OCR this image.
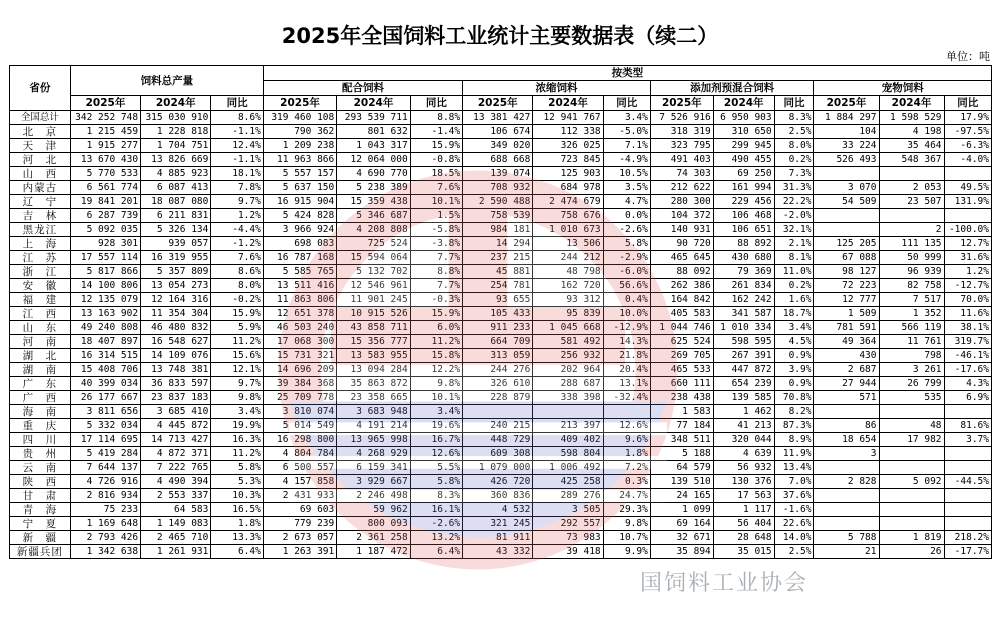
2025年全国饲料工业统计主要数据表（续二）
单位：吨
省份	饲料总产量			按类型											
				配合饲料			浓缩饲料			添加剂预混合饲料			宠物饲料		
	2025年	2024年	同比	2025年	2024年	同比	2025年	2024年	同比	2025年	2024年	同比	2025年	2024年	同比
全国总计	342 252 748	315 030 910	8.6%	319 460 108	293 539 711	8.8%	13 381 427	12 941 767	3.4%	7 526 916	6 950 903	8.3%	1 884 297	1 598 529	17.9%
北　京	1 215 459	1 228 818	-1.1%	790 362	801 632	-1.4%	106 674	112 338	-5.0%	318 319	310 650	2.5%	104	4 198	-97.5%
天　津	1 915 277	1 704 751	12.4%	1 209 238	1 043 317	15.9%	349 020	326 025	7.1%	323 795	299 945	8.0%	33 224	35 464	-6.3%
河　北	13 670 430	13 826 669	-1.1%	11 963 866	12 064 000	-0.8%	688 668	723 845	-4.9%	491 403	490 455	0.2%	526 493	548 367	-4.0%
山　西	5 770 533	4 885 923	18.1%	5 557 157	4 690 770	18.5%	139 074	125 903	10.5%	74 303	69 250	7.3%			
内蒙古	6 561 774	6 087 413	7.8%	5 637 150	5 238 389	7.6%	708 932	684 978	3.5%	212 622	161 994	31.3%	3 070	2 053	49.5%
辽　宁	19 841 201	18 087 080	9.7%	16 915 904	15 359 438	10.1%	2 590 488	2 474 679	4.7%	280 300	229 456	22.2%	54 509	23 507	131.9%
吉　林	6 287 739	6 211 831	1.2%	5 424 828	5 346 687	1.5%	758 539	758 676	0.0%	104 372	106 468	-2.0%			
黑龙江	5 092 035	5 326 134	-4.4%	3 966 924	4 208 808	-5.8%	984 181	1 010 673	-2.6%	140 931	106 651	32.1%		2	-100.0%
上　海	928 301	939 057	-1.2%	698 083	725 524	-3.8%	14 294	13 506	5.8%	90 720	88 892	2.1%	125 205	111 135	12.7%
江　苏	17 557 114	16 319 955	7.6%	16 787 168	15 594 064	7.7%	237 215	244 212	-2.9%	465 645	430 680	8.1%	67 088	50 999	31.6%
浙　江	5 817 866	5 357 809	8.6%	5 585 765	5 132 702	8.8%	45 881	48 798	-6.0%	88 092	79 369	11.0%	98 127	96 939	1.2%
安　徽	14 100 806	13 054 273	8.0%	13 511 416	12 546 961	7.7%	254 781	162 720	56.6%	262 386	261 834	0.2%	72 223	82 758	-12.7%
福　建	12 135 079	12 164 316	-0.2%	11 863 806	11 901 245	-0.3%	93 655	93 312	0.4%	164 842	162 242	1.6%	12 777	7 517	70.0%
江　西	13 163 902	11 354 304	15.9%	12 651 378	10 915 526	15.9%	105 433	95 839	10.0%	405 583	341 587	18.7%	1 509	1 352	11.6%
山　东	49 240 808	46 480 832	5.9%	46 503 240	43 858 711	6.0%	911 233	1 045 668	-12.9%	1 044 746	1 010 334	3.4%	781 591	566 119	38.1%
河　南	18 407 897	16 548 627	11.2%	17 068 300	15 356 777	11.2%	664 709	581 492	14.3%	625 524	598 595	4.5%	49 364	11 761	319.7%
湖　北	16 314 515	14 109 076	15.6%	15 731 321	13 583 955	15.8%	313 059	256 932	21.8%	269 705	267 391	0.9%	430	798	-46.1%
湖　南	15 408 706	13 748 381	12.1%	14 696 209	13 094 284	12.2%	244 276	202 964	20.4%	465 533	447 872	3.9%	2 687	3 261	-17.6%
广　东	40 399 034	36 833 597	9.7%	39 384 368	35 863 872	9.8%	326 610	288 687	13.1%	660 111	654 239	0.9%	27 944	26 799	4.3%
广　西	26 177 667	23 837 183	9.8%	25 709 778	23 358 665	10.1%	228 879	338 398	-32.4%	238 438	139 585	70.8%	571	535	6.9%
海　南	3 811 656	3 685 410	3.4%	3 810 074	3 683 948	3.4%				1 583	1 462	8.2%			
重　庆	5 332 034	4 445 872	19.9%	5 014 549	4 191 214	19.6%	240 215	213 397	12.6%	77 184	41 213	87.3%	86	48	81.6%
四　川	17 114 695	14 713 427	16.3%	16 298 800	13 965 998	16.7%	448 729	409 402	9.6%	348 511	320 044	8.9%	18 654	17 982	3.7%
贵　州	5 419 284	4 872 371	11.2%	4 804 784	4 268 929	12.6%	609 308	598 804	1.8%	5 188	4 639	11.9%	3		
云　南	7 644 137	7 222 765	5.8%	6 500 557	6 159 341	5.5%	1 079 000	1 006 492	7.2%	64 579	56 932	13.4%			
陕　西	4 726 916	4 490 394	5.3%	4 157 858	3 929 667	5.8%	426 720	425 258	0.3%	139 510	130 376	7.0%	2 828	5 092	-44.5%
甘　肃	2 816 934	2 553 337	10.3%	2 431 933	2 246 498	8.3%	360 836	289 276	24.7%	24 165	17 563	37.6%			
青　海	75 233	64 583	16.5%	69 603	59 962	16.1%	4 532	3 505	29.3%	1 099	1 117	-1.6%			
宁　夏	1 169 648	1 149 083	1.8%	779 239	800 093	-2.6%	321 245	292 557	9.8%	69 164	56 404	22.6%			
新　疆	2 793 426	2 465 710	13.3%	2 673 057	2 361 258	13.2%	81 911	73 983	10.7%	32 671	28 648	14.0%	5 788	1 819	218.2%
新疆兵团	1 342 638	1 261 931	6.4%	1 263 391	1 187 472	6.4%	43 332	39 418	9.9%	35 894	35 015	2.5%	21	26	-17.7%
国饲料工业协会
